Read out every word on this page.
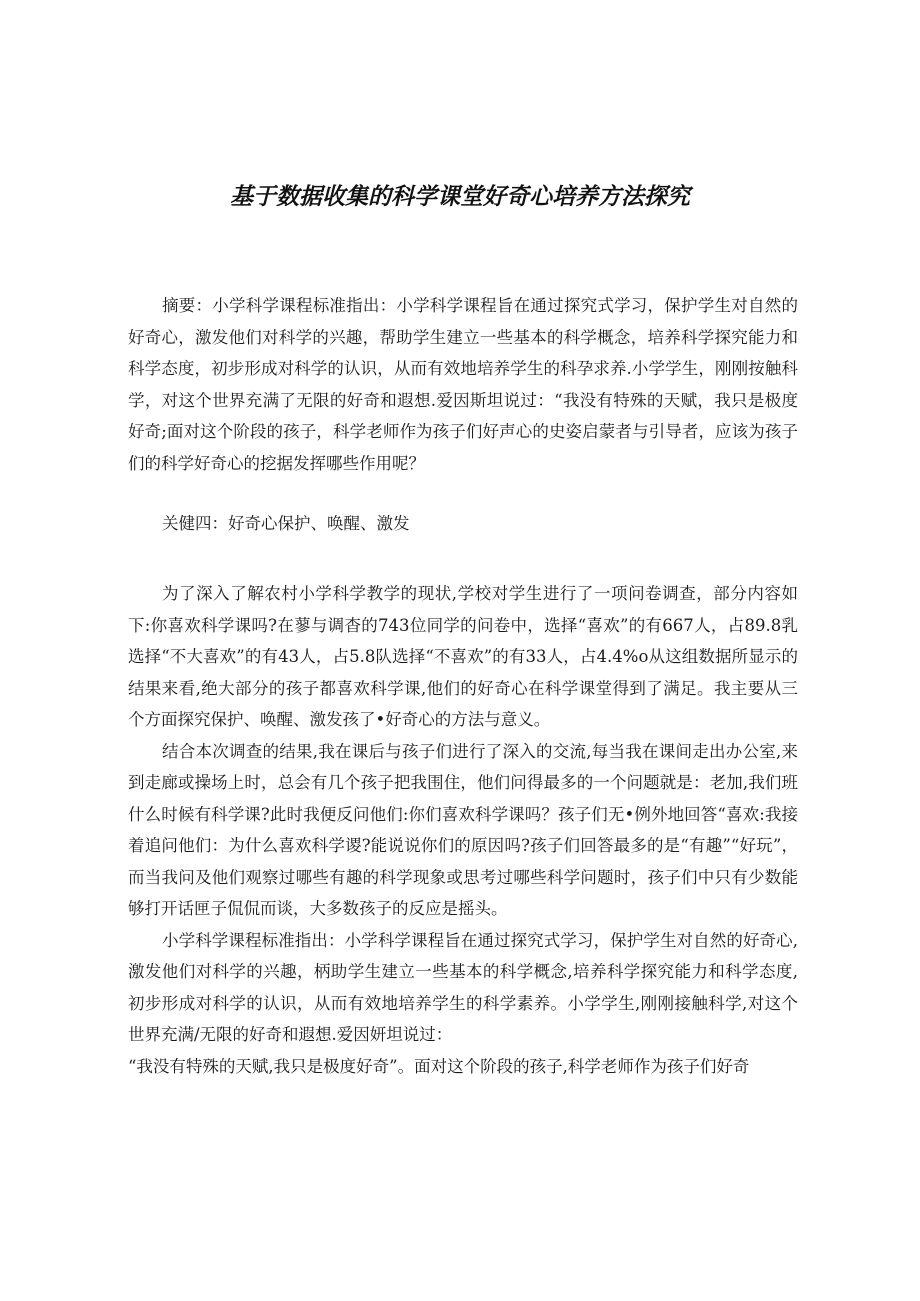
基于数据收集的科学课堂好奇心培养方法探究

摘要：小学科学课程标准指出：小学科学课程旨在通过探究式学习，保护学生对自然的好奇心，激发他们对科学的兴趣，帮助学生建立一些基本的科学概念，培养科学探究能力和科学态度，初步形成对科学的认识，从而有效地培养学生的科孕求养.小学学生，刚刚按触科学，对这个世界充满了无限的好奇和遐想.爱因斯坦说过：“我没有特殊的天赋，我只是极度好奇;面对这个阶段的孩子，科学老师作为孩子们好声心的史姿启蒙者与引导者，应该为孩子们的科学好奇心的挖据发挥哪些作用呢？

关健四：好奇心保护、唤醒、激发

为了深入了解农村小学科学教学的现状,学校对学生进行了一项问卷调查，部分内容如下:你喜欢科学课吗?在蓼与调杳的743位同学的问卷中，选择“喜欢”的有667人，占89.8乳选择“不大喜欢”的有43人，占5.8队选择“不喜欢”的有33人，占4.4%o从这组数据所显示的结果来看,绝大部分的孩子都喜欢科学课,他们的好奇心在科学课堂得到了满足。我主要从三个方面探究保护、唤醒、激发孩了•好奇心的方法与意义。

结合本次调查的结果,我在课后与孩子们进行了深入的交流,每当我在课间走出办公室,来到走廊或操场上时，总会有几个孩子把我围住，他们问得最多的一个问题就是：老加,我们班什么时候有科学课?此时我便反问他们:你们喜欢科学课吗？孩子们无•例外地回答“喜欢:我接着追问他们：为什么喜欢科学谡?能说说你们的原因吗?孩子们回答最多的是“有趣”“好玩”，而当我问及他们观察过哪些有趣的科学现象或思考过哪些科学问题时，孩子们中只有少数能够打开话匣子侃侃而谈，大多数孩子的反应是摇头。

小学科学课程标准指出：小学科学课程旨在通过探究式学习，保护学生对自然的好奇心,激发他们对科学的兴趣，柄助学生建立一些基本的科学概念,培养科学探究能力和科学态度,初步形成对科学的认识，从而有效地培养学生的科学素养。小学学生,刚刚接触科学,对这个世界充满/无限的好奇和遐想.爱因妍坦说过：

“我没有特殊的天赋,我只是极度好奇”。面对这个阶段的孩子,科学老师作为孩子们好奇
